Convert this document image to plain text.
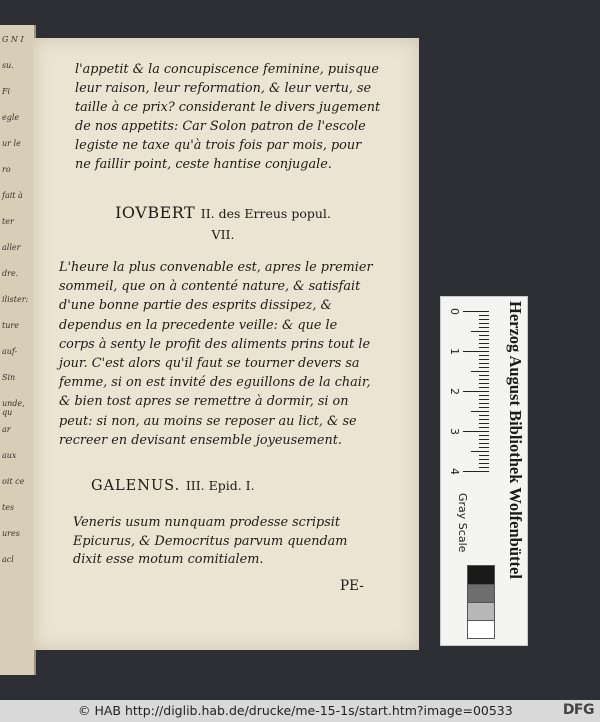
G N I
su.
Fi
egle
ur le
ro
fait à
ter
aller
dre.
ilister:
ture
auf-
Sin
unde, qu
ar
aux
oit ce
tes
ures
acl
l'appetit & la concupiscence feminine, puisque leur raison, leur reformation, & leur vertu, se taille à ce prix? considerant le divers jugement de nos appetits: Car Solon patron de l'escole legiste ne taxe qu'à trois fois par mois, pour ne faillir point, ceste hantise conjugale.
IOVBERT II. des Erreus popul. VII.
L'heure la plus convenable est, apres le premier sommeil, que on à contenté nature, & satisfait d'une bonne partie des esprits dissipez, & dependus en la precedente veille: & que le corps à senty le profit des aliments prins tout le jour. C'est alors qu'il faut se tourner devers sa femme, si on est invité des eguillons de la chair, & bien tost apres se remettre à dormir, si on peut: si non, au moins se reposer au lict, & se recreer en devisant ensemble joyeusement.
GALENUS. III. Epid. I.
Veneris usum nunquam prodesse scripsit Epicurus, & Democritus parvum quendam dixit esse motum comitialem.
PE-
0
1
2
3
4	Herzog August Bibliothek Wolfenbüttel
Gray Scale
© HAB http://diglib.hab.de/drucke/me-15-1s/start.htm?image=00533	DFG
